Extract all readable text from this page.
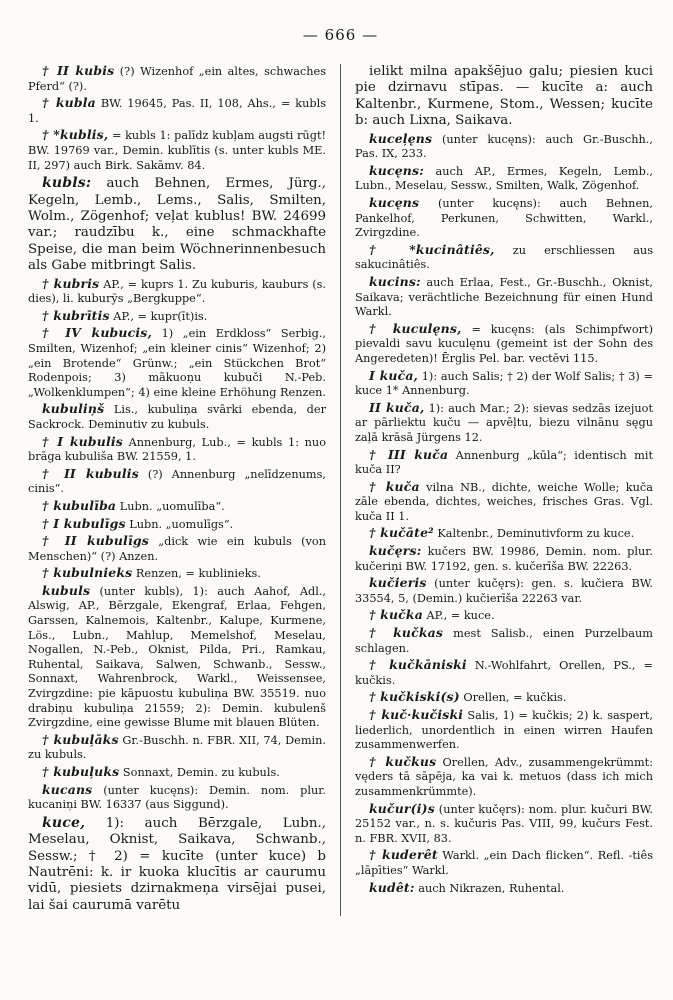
— 666 —

† II kubis (?) Wizenhof „ein altes, schwaches Pferd“ (?).

† kubla BW. 19645, Pas. II, 108, Ahs., = kubls 1.

† *kublis, = kubls 1: palīdz kubļam augsti rūgt! BW. 19769 var., Demin. kublītis (s. unter kubls ME. II, 297) auch Birk. Sakāmv. 84.

kubls: auch Behnen, Ermes, Jürg., Kegeln, Lemb., Lems., Salis, Smilten, Wolm., Zögenhof; veļat kublus! BW. 24699 var.; raudzību k., eine schmackhafte Speise, die man beim Wöchnerinnenbesuch als Gabe mitbringt Salis.

† kubris AP., = kuprs 1. Zu kuburis, kauburs (s. dies), li. kuburỹs „Bergkuppe“.

† kubrītis AP., = kupr(īt)is.

† IV kubucis, 1) „ein Erdkloss“ Serbig., Smilten, Wizenhof; „ein kleiner cinis“ Wizenhof; 2) „ein Brotende“ Grünw.; „ein Stückchen Brot“ Rodenpois; 3) mākuoņu kubuči N.-Peb. „Wolkenklumpen“; 4) eine kleine Erhöhung Renzen.

kubuliņš Lis., kubuliņa svārki ebenda, der Sackrock. Deminutiv zu kubuls.

† I kubulis Annenburg, Lub., = kubls 1: nuo brāga kubuliša BW. 21559, 1.

† II kubulis (?) Annenburg „nelīdzenums, cinis“.

† kubulība Lubn. „uomulība“.

† I kubulīgs Lubn. „uomulīgs“.

† II kubulīgs „dick wie ein kubuls (von Menschen)“ (?) Anzen.

† kubulnieks Renzen, = kublinieks.

kubuls (unter kubls), 1): auch Aahof, Adl., Alswig, AP., Bērzgale, Ekengraf, Erlaa, Fehgen, Garssen, Kalnemois, Kaltenbr., Kalupe, Kurmene, Lös., Lubn., Mahlup, Memelshof, Meselau, Nogallen, N.-Peb., Oknist, Pilda, Pri., Ramkau, Ruhental, Saikava, Salwen, Schwanb., Sessw., Sonnaxt, Wahrenbrock, Warkl., Weissensee, Zvirgzdine: pie kāpuostu kubuliņa BW. 35519. nuo drabiņu kubuliņa 21559; 2): Demin. kubulenš Zvirgzdine, eine gewisse Blume mit blauen Blüten.

† kubuļāks Gr.-Buschh. n. FBR. XII, 74, Demin. zu kubuls.

† kubuļuks Sonnaxt, Demin. zu kubuls.

kucans (unter kucęns): Demin. nom. plur. kucaniņi BW. 16337 (aus Siggund).

kuce, 1): auch Bērzgale, Lubn., Meselau, Oknist, Saikava, Schwanb., Sessw.; † 2) = kucīte (unter kuce) b Nautrēni: k. ir kuoka klucītis ar caurumu vidū, piesiets dzirnakmeņa virsējai pusei, lai šai caurumā varētu

ielikt milna apakšējuo galu; piesien kuci pie dzirnavu stīpas. — kucīte a: auch Kaltenbr., Kurmene, Stom., Wessen; kucīte b: auch Lixna, Saikava.

kuceļęns (unter kucęns): auch Gr.-Buschh., Pas. IX, 233.

kucęns: auch AP., Ermes, Kegeln, Lemb., Lubn., Meselau, Sessw., Smilten, Walk, Zögenhof.

kucęns (unter kucęns): auch Behnen, Pankelhof, Perkunen, Schwitten, Warkl., Zvirgzdine.

† *kucinâtiês, zu erschliessen aus sakucinâtiês.

kucins: auch Erlaa, Fest., Gr.-Buschh., Oknist, Saikava; verächtliche Bezeichnung für einen Hund Warkl.

† kuculęns, = kucęns: (als Schimpfwort) pievaldi savu kuculęnu (gemeint ist der Sohn des Angeredeten)! Ērglis Pel. bar. vectēvi 115.

I kuča, 1): auch Salis; † 2) der Wolf Salis; † 3) = kuce 1* Annenburg.

II kuča, 1): auch Mar.; 2): sievas sedzās izejuot ar pārliektu kuču — apvēļtu, biezu vilnānu sęgu zaļā krāsā Jürgens 12.

† III kuča Annenburg „kūla“; identisch mit kuča II?

† kuča vilna NB., dichte, weiche Wolle; kuča zāle ebenda, dichtes, weiches, frisches Gras. Vgl. kuča II 1.

† kučāte² Kaltenbr., Deminutivform zu kuce.

kučęrs: kučers BW. 19986, Demin. nom. plur. kučeriņi BW. 17192, gen. s. kučerīša BW. 22263.

kučieris (unter kučęrs): gen. s. kučiera BW. 33554, 5, (Demin.) kučierīša 22263 var.

† kučka AP., = kuce.

† kučkas mest Salisb., einen Purzelbaum schlagen.

† kučkāniski N.-Wohlfahrt, Orellen, PS., = kučkis.

† kučkiski(s) Orellen, = kučkis.

† kuč·kučiski Salis, 1) = kučkis; 2) k. saspert, liederlich, unordentlich in einen wirren Haufen zusammenwerfen.

† kučkus Orellen, Adv., zusammengekrümmt: vęders tā sāpēja, ka vai k. metuos (dass ich mich zusammenkrümmte).

kučur(i)s (unter kučęrs): nom. plur. kučuri BW. 25152 var., n. s. kučuris Pas. VIII, 99, kučurs Fest. n. FBR. XVII, 83.

† kuderêt Warkl. „ein Dach flicken“. Refl. -tiês „lāpīties“ Warkl.

kudêt: auch Nikrazen, Ruhental.
